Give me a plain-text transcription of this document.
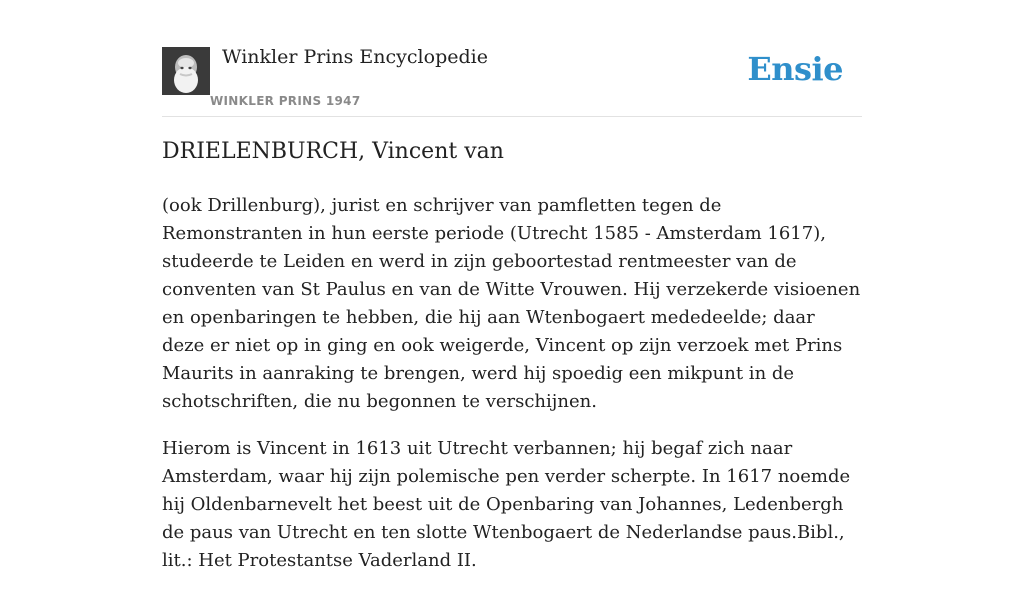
Winkler Prins Encyclopedie
WINKLER PRINS 1947
Ensie
DRIELENBURCH, Vincent van

(ook Drillenburg), jurist en schrijver van pamfletten tegen de Remonstranten in hun eerste periode (Utrecht 1585 - Amsterdam 1617), studeerde te Leiden en werd in zijn geboortestad rentmeester van de conventen van St Paulus en van de Witte Vrouwen. Hij verzekerde visioenen en openbaringen te hebben, die hij aan Wtenbogaert mededeelde; daar deze er niet op in ging en ook weigerde, Vincent op zijn verzoek met Prins Maurits in aanraking te brengen, werd hij spoedig een mikpunt in de schotschriften, die nu begonnen te verschijnen.

Hierom is Vincent in 1613 uit Utrecht verbannen; hij begaf zich naar Amsterdam, waar hij zijn polemische pen verder scherpte. In 1617 noemde hij Oldenbarnevelt het beest uit de Openbaring van Johannes, Ledenbergh de paus van Utrecht en ten slotte Wtenbogaert de Nederlandse paus.Bibl., lit.: Het Protestantse Vaderland II.
